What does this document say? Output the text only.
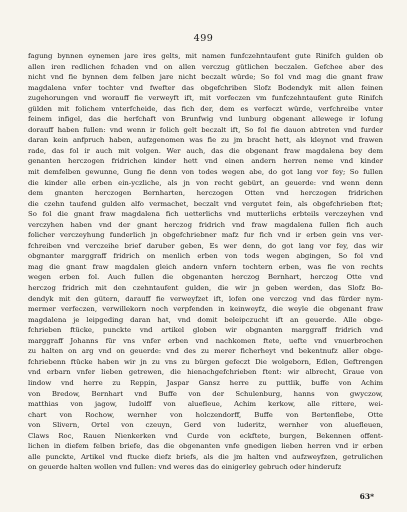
499
fagung bynnen eynemen jare ires gelts, mit namen funfczehntaufent gute Rinifch gulden ob
allen iren redlichen fchaden vnd on allen verczug gütlichen beczalen. Gefchee aber des
nicht vnd fie bynnen dem felben jare nicht beczalt würde; So fol vnd mag die gnant fraw
magdalena vnfer tochter vnd fwefter das obgefchriben Slofz Bodendyk mit allen feinen
zugehorungen vnd worauff fie verweyft ift, mit vorfeczen vm funfczehntaufent gute Rinifch
gülden mit folichem vnterfcheide, das fich der, dem es verfeczt würde, verfchreibe vnter
feinem infigel, das die herfchaft von Brunfwig vnd lunburg obgenant allewege ir lofung
dorauff haben fullen: vnd wenn ir folich gelt beczalt ift, So fol fie dauon abtreten vnd furder
daran kein anfpruch haben, aufzgenomen was fie zu jm bracht hett, als kleynot vnd frawen
rade, das fol ir auch mit volgen. Wer auch, das die obgenant fraw magdalena bey dem
genanten herczogen fridrichen kinder hett vnd einen andern herren neme vnd kinder
mit demfelben gewunne, Gung fie denn von todes wegen abe, do got lang vor fey; So fullen
die kinder alle erben ein-yczliche, als jn von recht gebürt, an geuerde: vnd wenn denn
dem gnanten herczogen Bernharten, herczogen Otten vnd herczogen fridrichen
die czehn taufend gulden alfo vermachet, beczalt vnd vergutet fein, als obgefchrieben ftet;
So fol die gnant fraw magdalena fich uetterlichs vnd mutterlichs erbteils verczeyhen vnd
verczyhen haben vnd der gnant herczog fridrich vnd fraw magdalena fullen fich auch
folicher verczeyhung funderlich jn obgefchriebner mafz fur fich vnd ir erben gein vns ver-
fchreiben vnd verczeihe brief daruber geben, Es wer denn, do got lang vor fey, das wir
obgnanter marggraff fridrich on menlich erben von tods wegen abgingen, So fol vnd
mag die gnant fraw magdalen gleich andern vnfern tochtern erben, was fie von rechts
wegen erben fol. Auch fullen die obgenanten herczog Bernhart, herczog Otte vnd
herczog fridrich mit den czehntaufent gulden, die wir jn geben werden, das Slofz Bo-
dendyk mit den gütern, darauff fie verweyfzet ift, lofen one verczog vnd das fürder nym-
mermer verfeczen, verwillekorn noch verpfenden in keinweyfz, die weyle die obgenant fraw
magdalena je leipgeding daran hat, vnd domit beleipczucht ift an geuerde. Alle obge-
fchrieben ftücke, punckte vnd artikel globen wir obgnanten marggraff fridrich vnd
marggraff Johanns für vns vnfer erben vnd nachkomen ftete, uefte vnd vnuerbrochen
zu halten on arg vnd on geuerde: vnd des zu merer ficherheyt vnd bekentnufz aller obge-
fchriebenn ftücke haben wir jn zu vns zu bürgen gefeczt Die wolgeborn, Edlen, Geftrengen
vnd erbarn vnfer lieben getrewen, die hienachgefchrieben ftent: wir albrecht, Graue von
lindow vnd herre zu Reppin, Jaspar Gansz herre zu puttlik, buffe von Achim
von Bredow, Bernhart vnd Buffe von der Schulenburg, hanns von gwyczow,
matthias von jagow, ludolff von aluefleue, Achim kerkow, alle rittere, wei-
chart von Rochow, wernher von holczendorff, Buffe von Bertenflebe, Otte
von Slivern, Ortel von czeuyn, Gerd von luderitz, wernher von aluefleuen,
Claws Roc, Rauen Nienkerken vnd Curde von eckftete, burgen, Bekennen offent-
lichen in diefem felben briefe, das die obgenanten vnfe gnedigen lieben herren vnd ir erben
alle punckte, Artikel vnd ftucke diefz briefs, als die jm halten vnd aufzweyfzen, getrulichen
on geuerde halten wollen vnd fullen: vnd weres das do einigerley gebruch oder hinderufz
63*
